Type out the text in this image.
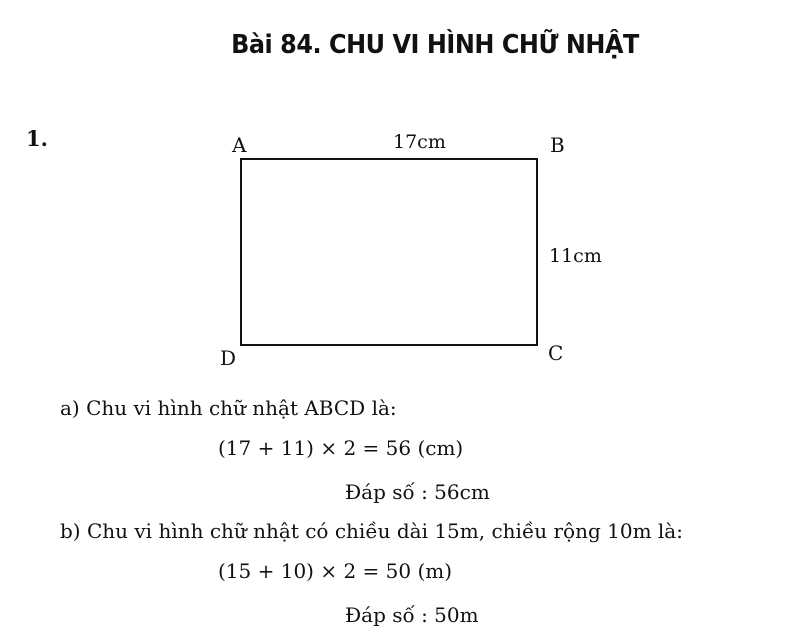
Bài 84. CHU VI HÌNH CHỮ NHẬT
1.	A	B
C
D
17cm
11cm
a) Chu vi hình chữ nhật ABCD là:
(17 + 11) × 2 = 56 (cm)
Đáp số : 56cm
b) Chu vi hình chữ nhật có chiều dài 15m, chiều rộng 10m là:
(15 + 10) × 2 = 50 (m)
Đáp số : 50m
